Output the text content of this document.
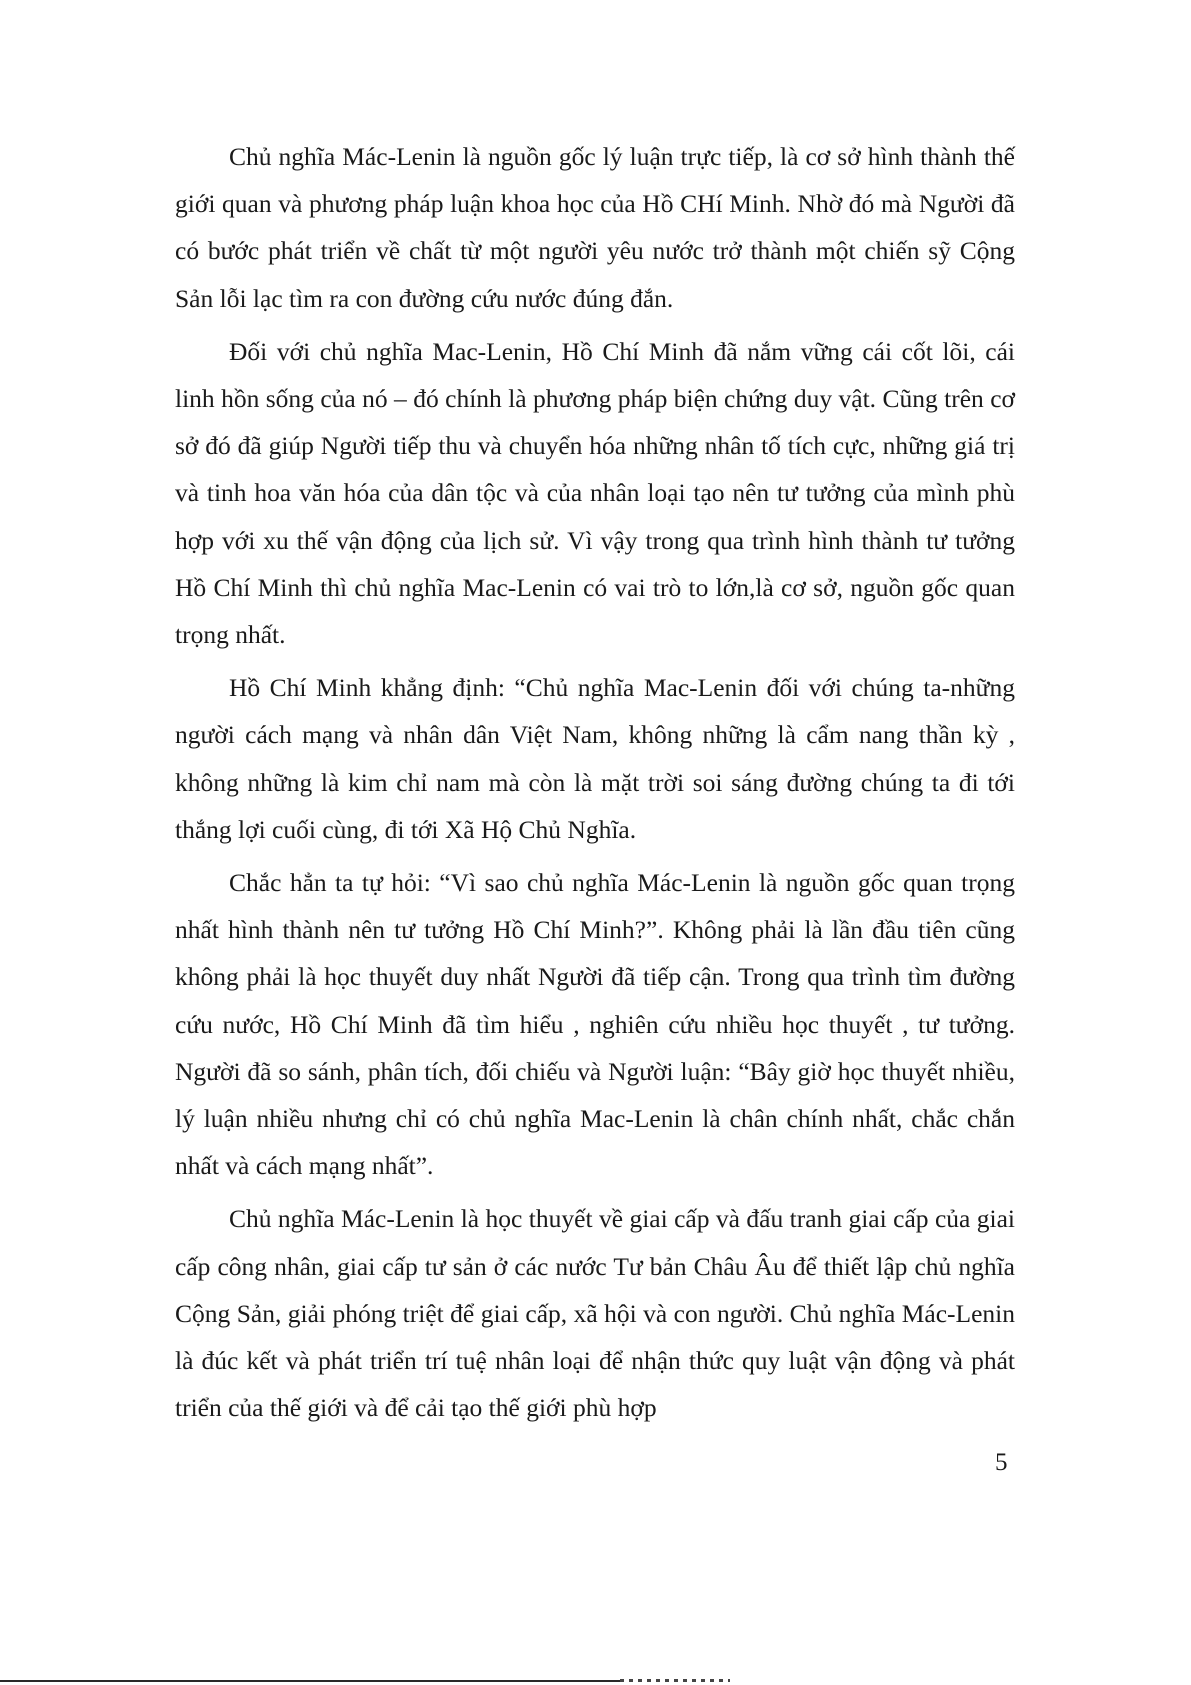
Chủ nghĩa Mác-Lenin là nguồn gốc lý luận trực tiếp, là cơ sở hình thành thế giới quan và phương pháp luận khoa học của Hồ CHí Minh. Nhờ đó mà Người đã có bước phát triển về chất từ một người yêu nước trở thành một chiến sỹ Cộng Sản lỗi lạc tìm ra con đường cứu nước đúng đắn.

Đối với chủ nghĩa Mac-Lenin, Hồ Chí Minh đã nắm vững cái cốt lõi, cái linh hồn sống của nó – đó chính là phương pháp biện chứng duy vật. Cũng trên cơ sở đó đã giúp Người tiếp thu và chuyển hóa những nhân tố tích cực, những giá trị và tinh hoa văn hóa của dân tộc và của nhân loại tạo nên tư tưởng của mình phù hợp với xu thế vận động của lịch sử. Vì vậy trong qua trình hình thành tư tưởng Hồ Chí Minh thì chủ nghĩa Mac-Lenin có vai trò to lớn,là cơ sở, nguồn gốc quan trọng nhất.

Hồ Chí Minh khẳng định: “Chủ nghĩa Mac-Lenin đối với chúng ta-những người cách mạng và nhân dân Việt Nam, không những là cẩm nang thần kỳ , không những là kim chỉ nam mà còn là mặt trời soi sáng đường chúng ta đi tới thắng lợi cuối cùng, đi tới Xã Hộ Chủ Nghĩa.

Chắc hẳn ta tự hỏi: “Vì sao chủ nghĩa Mác-Lenin là nguồn gốc quan trọng nhất hình thành nên tư tưởng Hồ Chí Minh?”. Không phải là lần đầu tiên cũng không phải là học thuyết duy nhất Người đã tiếp cận. Trong qua trình tìm đường cứu nước, Hồ Chí Minh đã tìm hiểu , nghiên cứu nhiều học thuyết , tư tưởng. Người đã so sánh, phân tích, đối chiếu và Người luận: “Bây giờ học thuyết nhiều, lý luận nhiều nhưng chỉ có chủ nghĩa Mac-Lenin là chân chính nhất, chắc chắn nhất và cách mạng nhất”.

Chủ nghĩa Mác-Lenin là học thuyết về giai cấp và đấu tranh giai cấp của giai cấp công nhân, giai cấp tư sản ở các nước Tư bản Châu Âu để thiết lập chủ nghĩa Cộng Sản, giải phóng triệt để giai cấp, xã hội và con người. Chủ nghĩa Mác-Lenin là đúc kết và phát triển trí tuệ nhân loại để nhận thức quy luật vận động và phát triển của thế giới và để cải tạo thế giới phù hợp

5
